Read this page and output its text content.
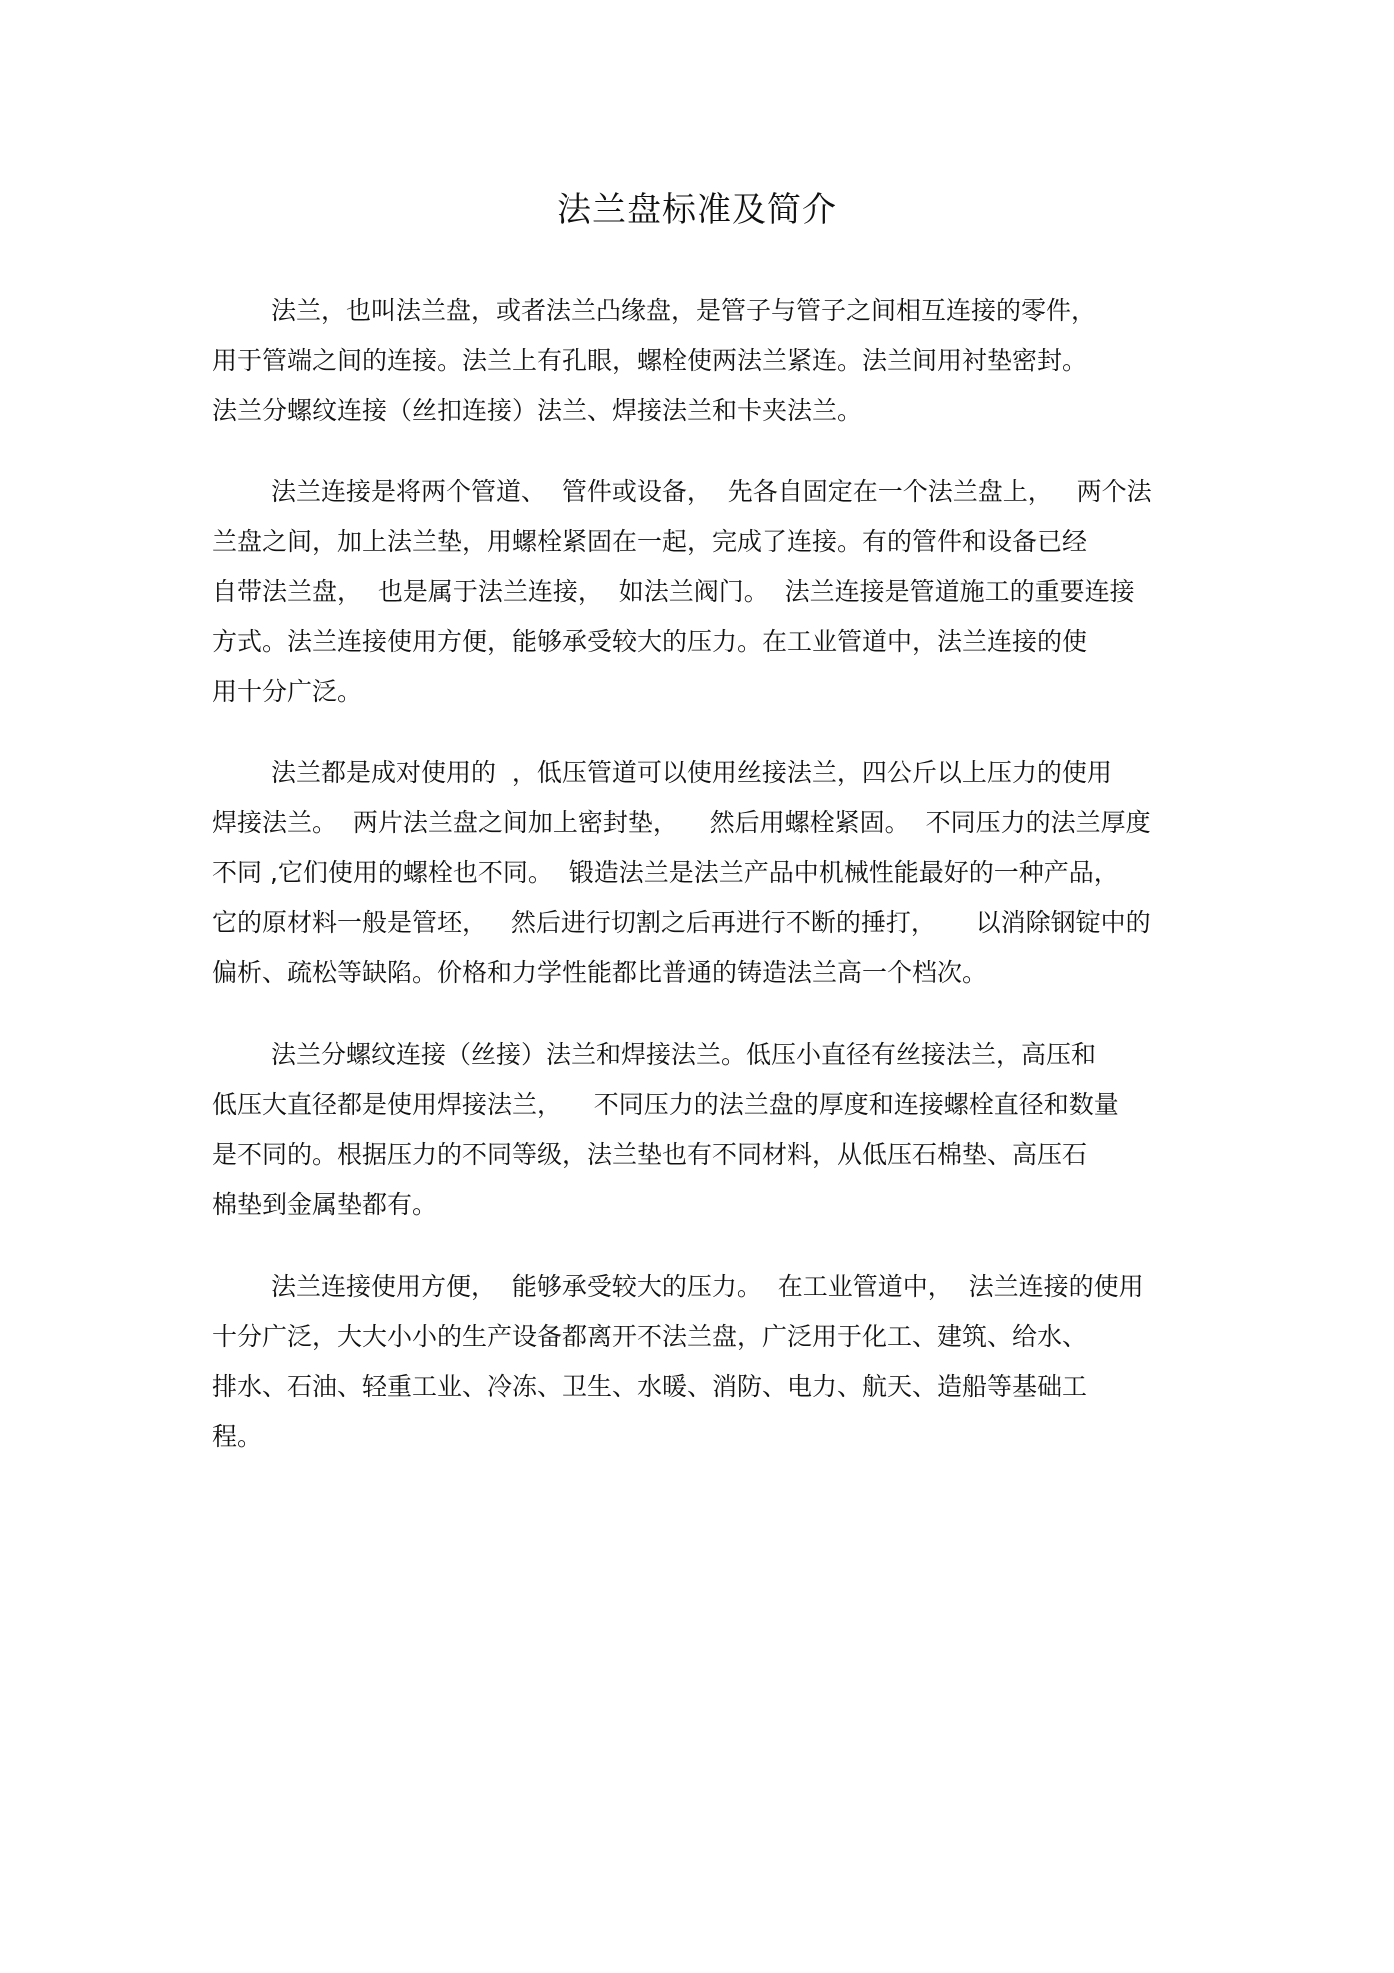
法兰盘标准及简介
法兰，也叫法兰盘，或者法兰凸缘盘，是管子与管子之间相互连接的零件，
用于管端之间的连接。法兰上有孔眼，螺栓使两法兰紧连。法兰间用衬垫密封。
法兰分螺纹连接（丝扣连接）法兰、焊接法兰和卡夹法兰。
法兰连接是将两个管道、  管件或设备，  先各自固定在一个法兰盘上，   两个法
兰盘之间，加上法兰垫，用螺栓紧固在一起，完成了连接。有的管件和设备已经
自带法兰盘，  也是属于法兰连接，  如法兰阀门。  法兰连接是管道施工的重要连接
方式。法兰连接使用方便，能够承受较大的压力。在工业管道中，法兰连接的使
用十分广泛。
法兰都是成对使用的  ，低压管道可以使用丝接法兰，四公斤以上压力的使用
焊接法兰。  两片法兰盘之间加上密封垫，    然后用螺栓紧固。  不同压力的法兰厚度
不同 ,它们使用的螺栓也不同。  锻造法兰是法兰产品中机械性能最好的一种产品，
它的原材料一般是管坯，   然后进行切割之后再进行不断的捶打，     以消除钢锭中的
偏析、疏松等缺陷。价格和力学性能都比普通的铸造法兰高一个档次。
法兰分螺纹连接（丝接）法兰和焊接法兰。低压小直径有丝接法兰，高压和
低压大直径都是使用焊接法兰，    不同压力的法兰盘的厚度和连接螺栓直径和数量
是不同的。根据压力的不同等级，法兰垫也有不同材料，从低压石棉垫、高压石
棉垫到金属垫都有。
法兰连接使用方便，  能够承受较大的压力。  在工业管道中，  法兰连接的使用
十分广泛，大大小小的生产设备都离开不法兰盘，广泛用于化工、建筑、给水、
排水、石油、轻重工业、冷冻、卫生、水暖、消防、电力、航天、造船等基础工
程。
